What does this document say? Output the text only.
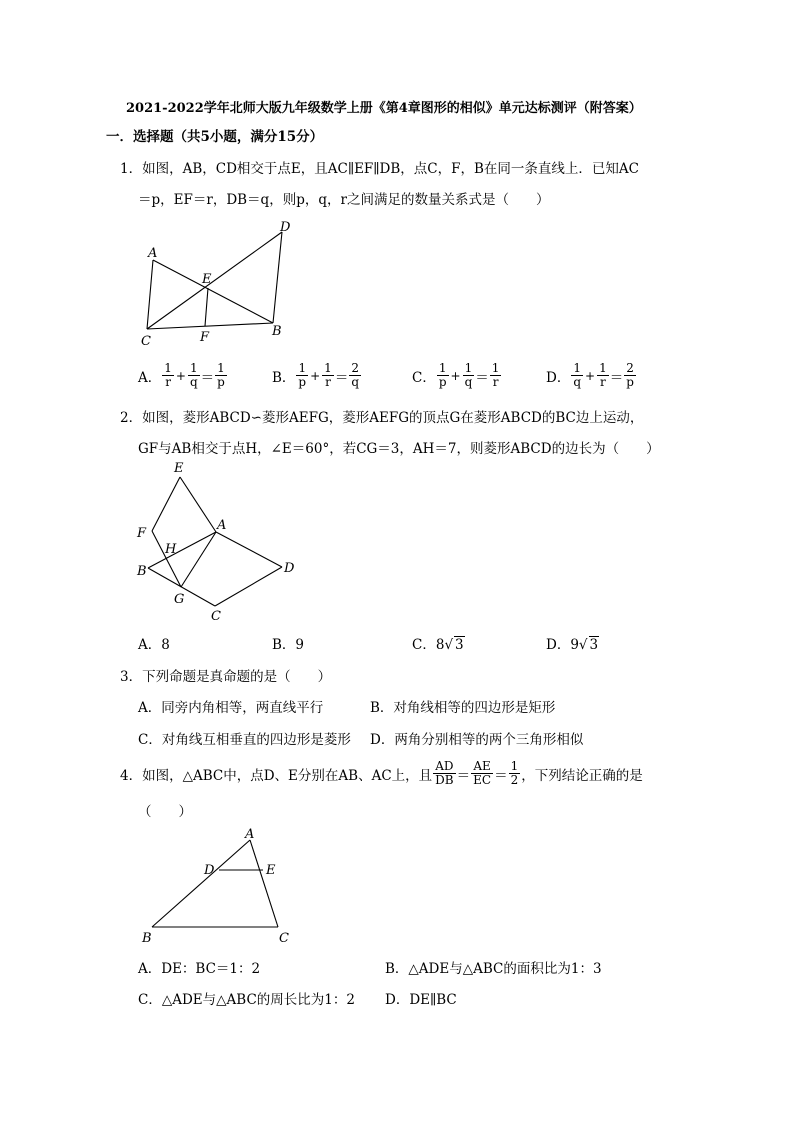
2021-2022学年北师大版九年级数学上册《第4章图形的相似》单元达标测评（附答案）
一．选择题（共5小题，满分15分）
1．如图，AB，CD相交于点E，且AC∥EF∥DB，点C，F，B在同一条直线上．已知AC
＝p，EF＝r，DB＝q，则p，q，r之间满足的数量关系式是（　　）
A
D
E
C	F	B
A． $\frac{1}{r} + \frac{1}{q} = \frac{1}{p}$	B． $\frac{1}{p} + \frac{1}{r} = \frac{2}{q}$	C． $\frac{1}{p} + \frac{1}{q} = \frac{1}{r}$	D． $\frac{1}{q} + \frac{1}{r} = \frac{2}{p}$
2．如图，菱形ABCD∽菱形AEFG，菱形AEFG的顶点G在菱形ABCD的BC边上运动，
GF与AB相交于点H，∠E＝60°，若CG＝3，AH＝7，则菱形ABCD的边长为（　　）
E
F
A
H
B	D
G
C
A．8	B．9	C．8√ 3	D．9√ 3
3．下列命题是真命题的是（　　）
A．同旁内角相等，两直线平行	B．对角线相等的四边形是矩形
C．对角线互相垂直的四边形是菱形 D．两角分别相等的两个三角形相似
4．如图，△ABC中，点D、E分别在AB、AC上，且 $\frac{AD}{DB} = \frac{AE}{EC} = \frac{1}{2}$ ，下列结论正确的是
（　　）
A
D	E
B	C
A．DE：BC＝1：2	B．△ADE与△ABC的面积比为1：3
C．△ADE与△ABC的周长比为1：2 D．DE∥BC
